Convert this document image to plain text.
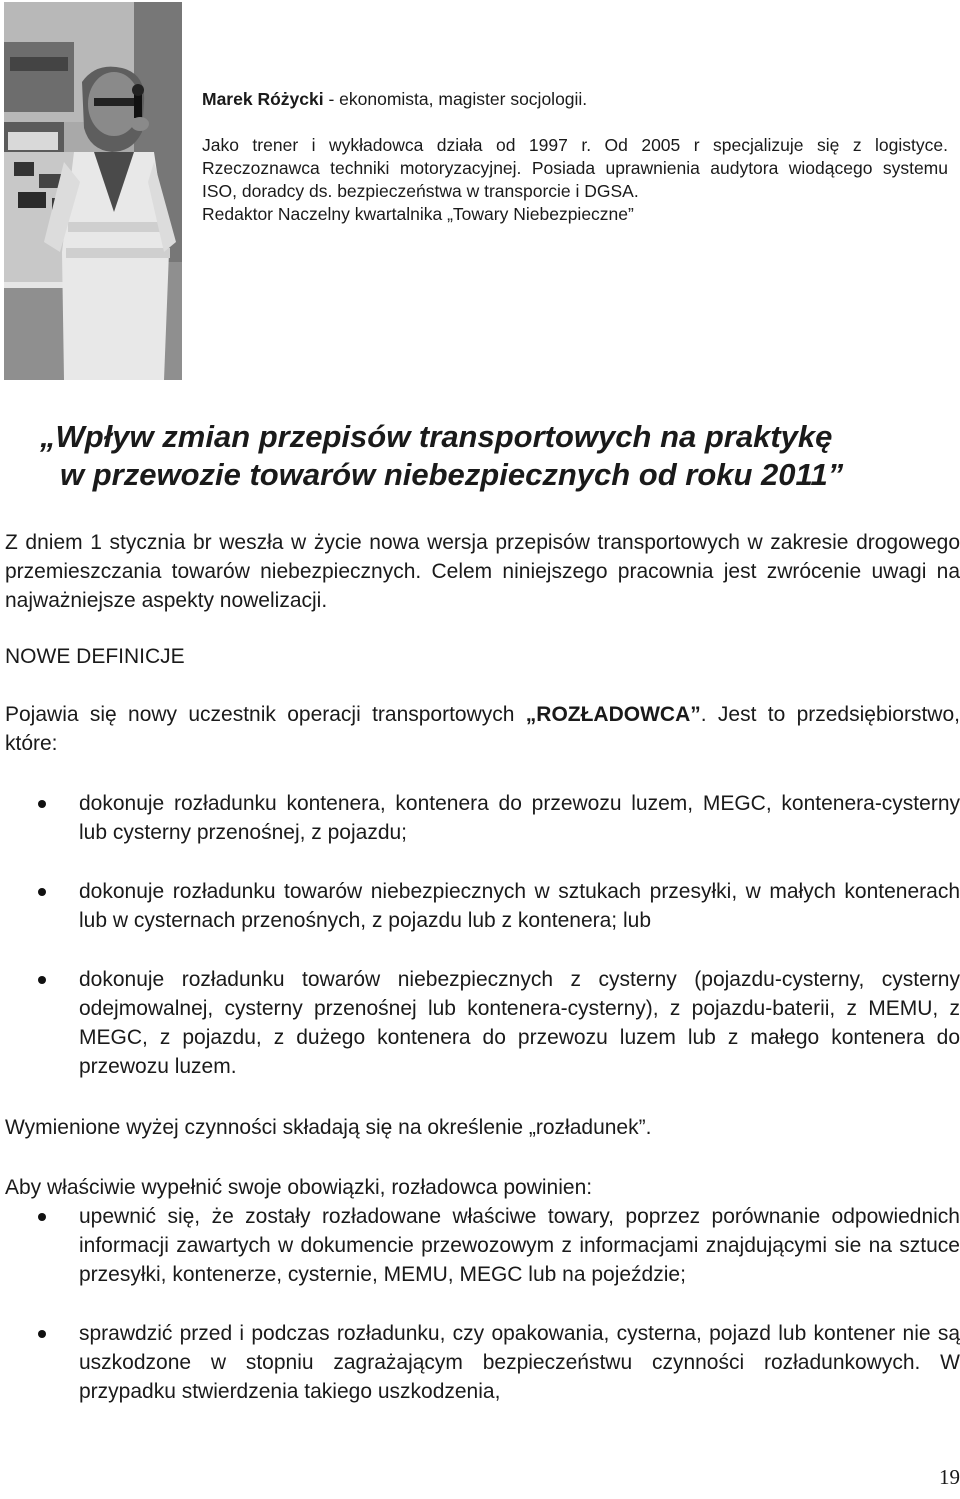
Marek Różycki - ekonomista, magister socjologii.

Jako trener i wykładowca działa od 1997 r. Od 2005 r specjalizuje się z logistyce. Rzeczoznawca techniki motoryzacyjnej. Posiada uprawnienia audytora wiodącego systemu ISO, doradcy ds. bezpieczeństwa w transporcie i DGSA.

Redaktor Naczelny kwartalnika „Towary Niebezpieczne”

„Wpływ zmian przepisów transportowych na praktykę
w przewozie towarów niebezpiecznych od roku 2011”

Z dniem 1 stycznia br weszła w życie nowa wersja przepisów transportowych w zakresie drogowego przemieszczania towarów niebezpiecznych. Celem niniejszego pracownia jest zwrócenie uwagi na najważniejsze aspekty nowelizacji.

NOWE DEFINICJE

Pojawia się nowy uczestnik operacji transportowych „ROZŁADOWCA”. Jest to przedsiębiorstwo, które:

dokonuje rozładunku kontenera, kontenera do przewozu luzem, MEGC, kontenera-cysterny lub cysterny przenośnej, z pojazdu;
dokonuje rozładunku towarów niebezpiecznych w sztukach przesyłki, w małych kontenerach lub w cysternach przenośnych, z pojazdu lub z kontenera; lub
dokonuje rozładunku towarów niebezpiecznych z cysterny (pojazdu-cysterny, cysterny odejmowalnej, cysterny przenośnej lub kontenera-cysterny), z pojazdu-baterii, z MEMU, z MEGC, z pojazdu, z dużego kontenera do przewozu luzem lub z małego kontenera do przewozu luzem.

Wymienione wyżej czynności składają się na określenie „rozładunek”.

Aby właściwie wypełnić swoje obowiązki, rozładowca powinien:

upewnić się, że zostały rozładowane właściwe towary, poprzez porównanie odpowiednich informacji zawartych w dokumencie przewozowym z informacjami znajdującymi sie na sztuce przesyłki, kontenerze, cysternie, MEMU, MEGC lub na pojeździe;
sprawdzić przed i podczas rozładunku, czy opakowania, cysterna, pojazd lub kontener nie są uszkodzone w stopniu zagrażającym bezpieczeństwu czynności rozładunkowych. W przypadku stwierdzenia takiego uszkodzenia,
19
